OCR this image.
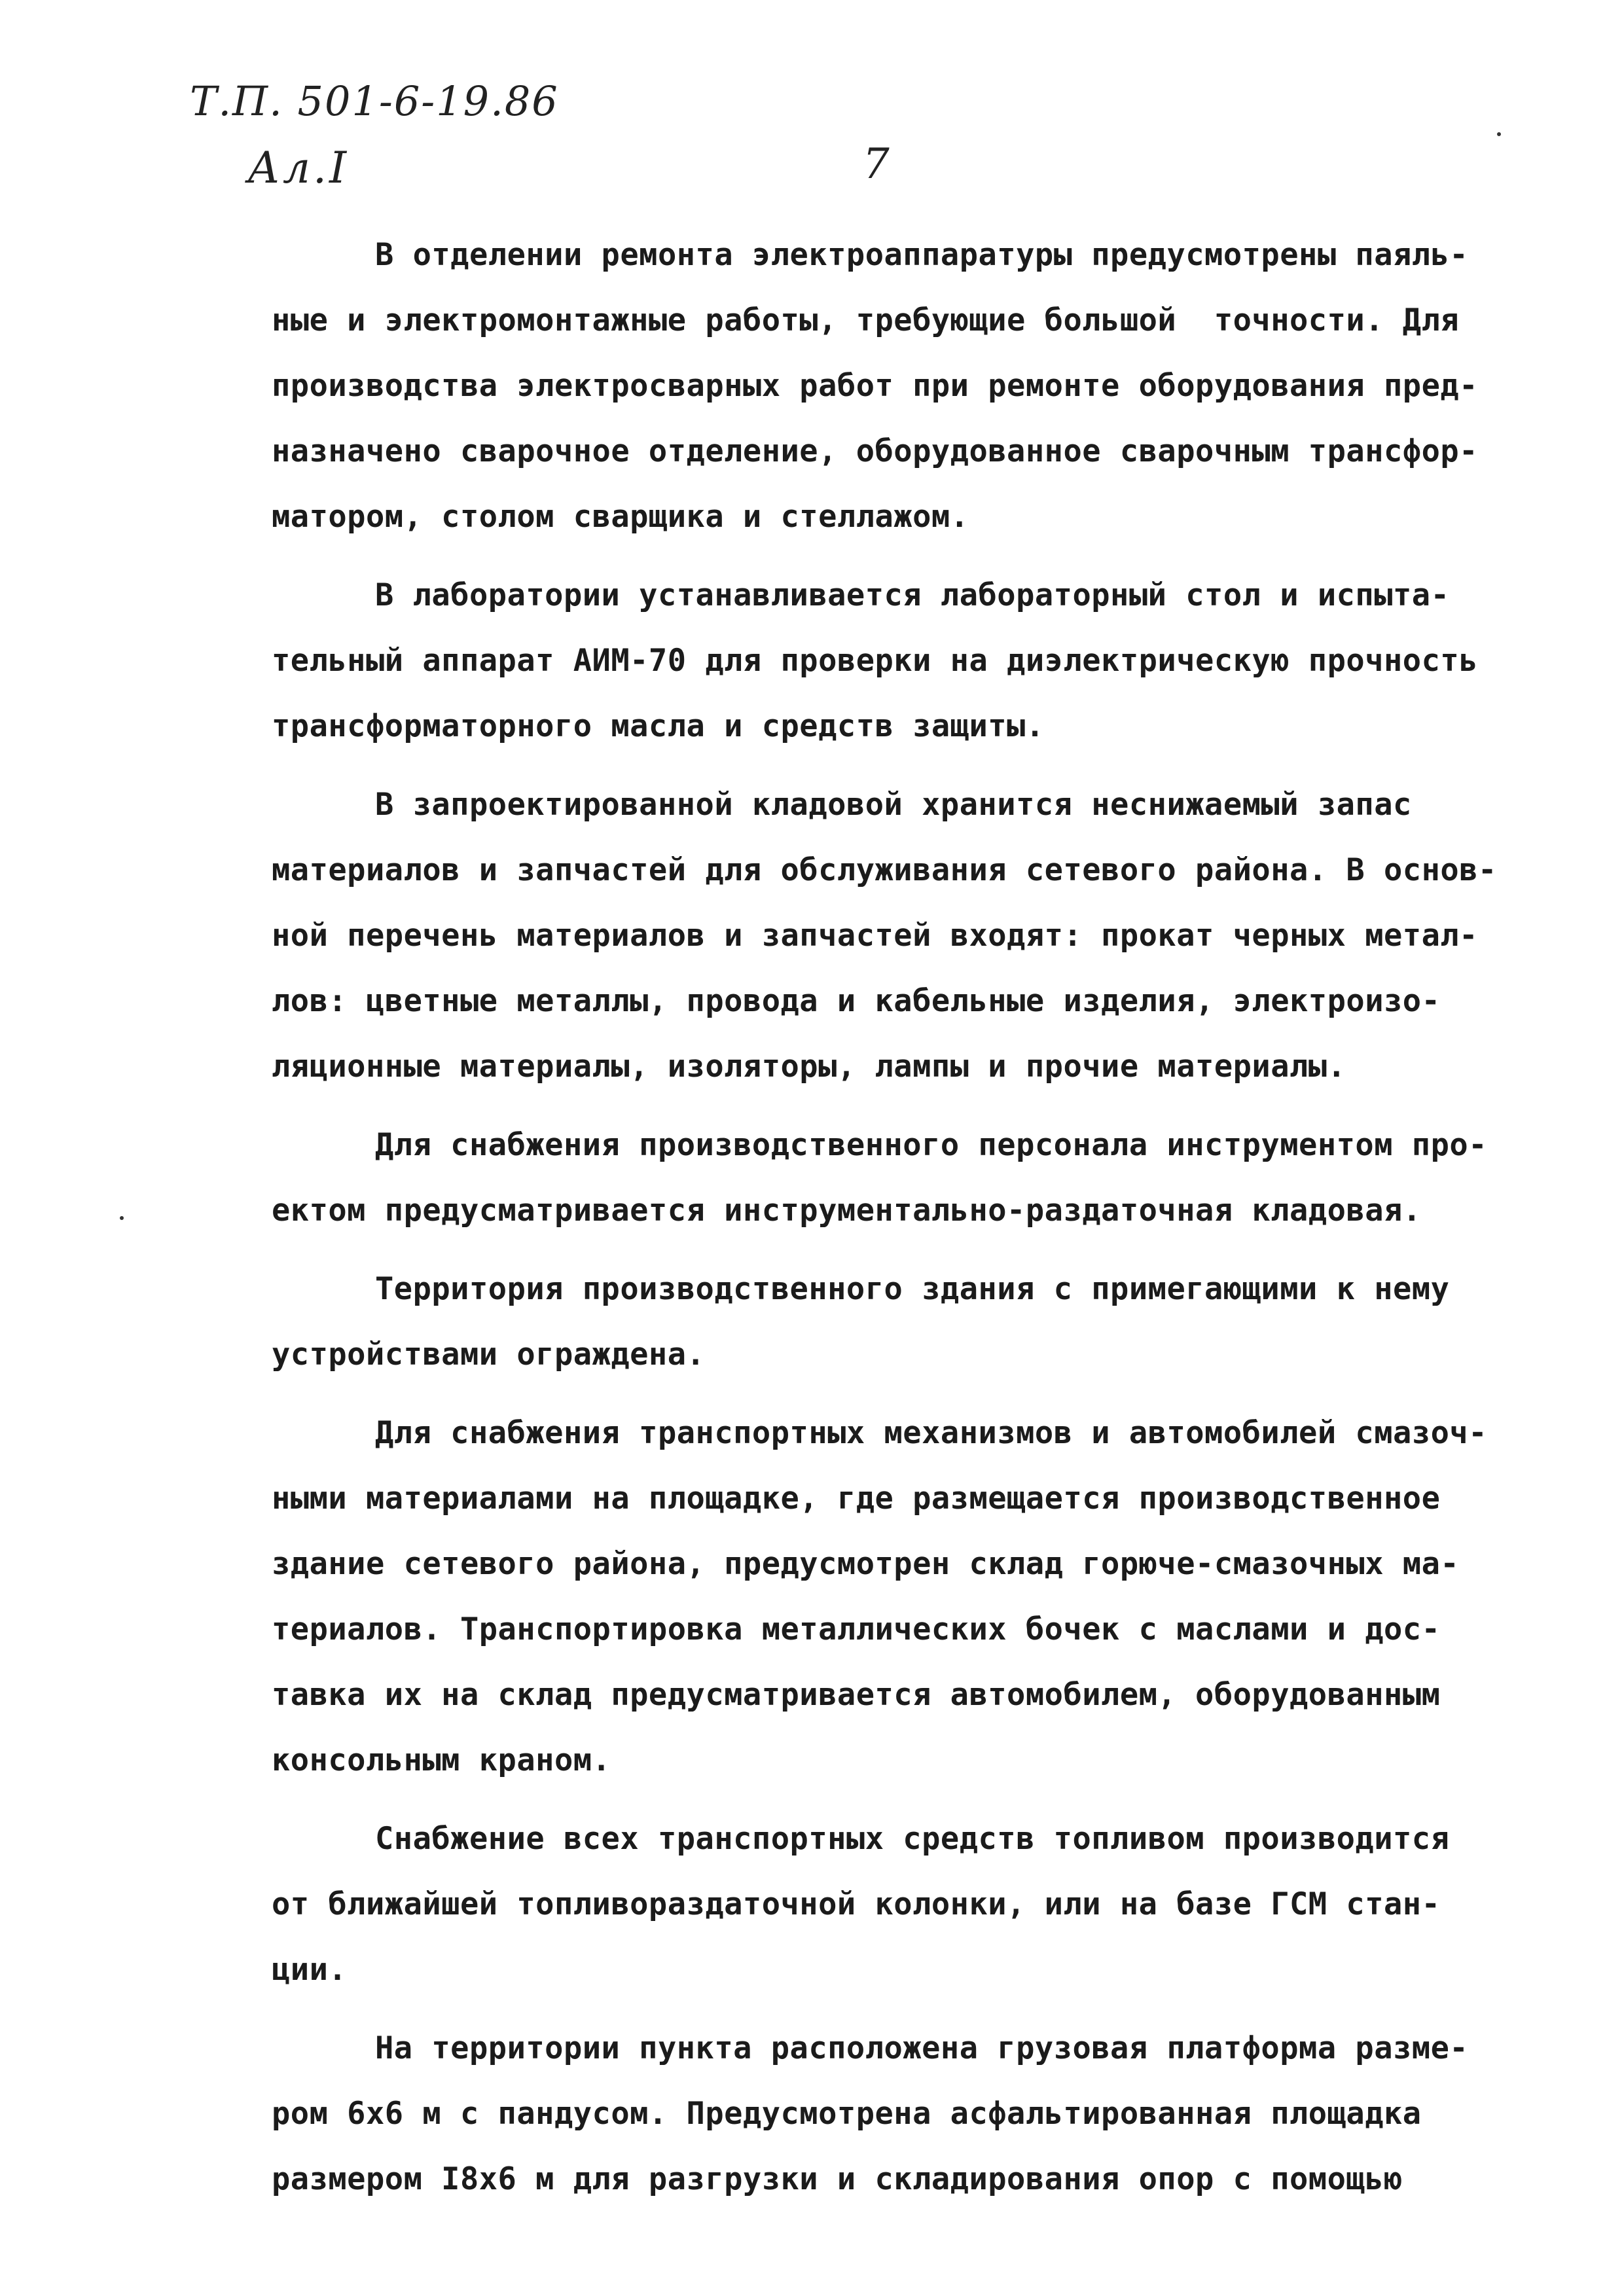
Т.П. 501-6-19.86
Ал.I	7
В отделении ремонта электроаппаратуры предусмотрены паяль-
ные и электромонтажные работы, требующие большой  точности. Для
производства электросварных работ при ремонте оборудования пред-
назначено сварочное отделение, оборудованное сварочным трансфор-
матором, столом сварщика и стеллажом.
В лаборатории устанавливается лабораторный стол и испыта-
тельный аппарат АИМ-70 для проверки на диэлектрическую прочность
трансформаторного масла и средств защиты.
В запроектированной кладовой хранится неснижаемый запас
материалов и запчастей для обслуживания сетевого района. В основ-
ной перечень материалов и запчастей входят: прокат черных метал-
лов: цветные металлы, провода и кабельные изделия, электроизо-
ляционные материалы, изоляторы, лампы и прочие материалы.
Для снабжения производственного персонала инструментом про-
ектом предусматривается инструментально-раздаточная кладовая.
Территория производственного здания с примегающими к нему
устройствами ограждена.
Для снабжения транспортных механизмов и автомобилей смазоч-
ными материалами на площадке, где размещается производственное
здание сетевого района, предусмотрен склад горюче-смазочных ма-
териалов. Транспортировка металлических бочек с маслами и дос-
тавка их на склад предусматривается автомобилем, оборудованным
консольным краном.
Снабжение всех транспортных средств топливом производится
от ближайшей топливораздаточной колонки, или на базе ГСМ стан-
ции.
На территории пункта расположена грузовая платформа разме-
ром 6х6 м с пандусом. Предусмотрена асфальтированная площадка
размером I8х6 м для разгрузки и складирования опор с помощью
